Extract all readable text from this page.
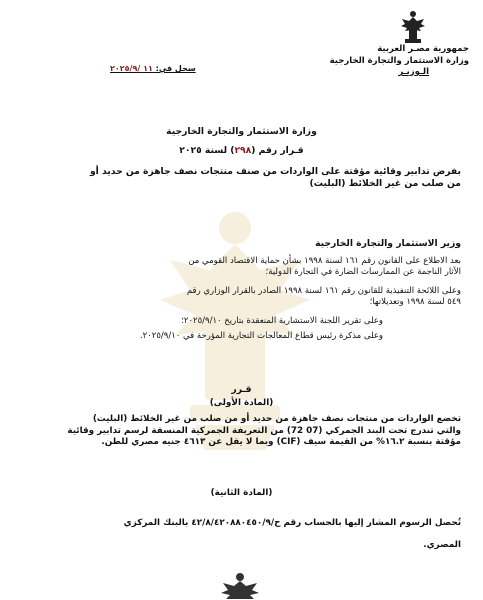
جمهورية مصـر العربية
وزارة الاستثمار والتجارة الخارجية
الـوزيـر
سجل في: ١١ /٢٠٢٥/٩
وزارة الاستثمار والتجارة الخارجية
قـرار رقم (٢٩٨) لسنة ٢٠٢٥
بفرض تدابير وقائية مؤقتة على الواردات من صنف منتجات نصف جاهزة من حديد أو
من صلب من غير الخلائط (البليت)
وزير الاستثمار والتجارة الخارجية
بعد الاطلاع على القانون رقم ١٦١ لسنة ١٩٩٨ بشأن حماية الاقتصاد القومي من
الآثار الناجمة عن الممارسات الضارة في التجارة الدولية؛
وعلى اللائحة التنفيذية للقانون رقم ١٦١ لسنة ١٩٩٨ الصادر بالقرار الوزاري رقم
٥٤٩ لسنة ١٩٩٨ وتعديلاتها؛
وعلى تقرير اللجنة الاستشارية المنعقدة بتاريخ ٢٠٢٥/٩/١٠؛
وعلى مذكرة رئيس قطاع المعالجات التجارية المؤرخة في ٢٠٢٥/٩/١٠.
قـرر
(المادة الأولى)
تخضع الواردات من منتجات نصف جاهزة من حديد أو من صلب من غير الخلائط (البليت)
والتي تندرج تحت البند الجمركي (07 72) من التعريفة الجمركية المنسقة لرسم تدابير وقائية
مؤقتة بنسبة ١٦.٢% من القيمة سيف (CIF) وبما لا يقل عن ٤٦١٣ جنيه مصري للطن.
(المادة الثانية)
تُحصل الرسوم المشار إليها بالحساب رقم ح/٤٢/٨/٤٢٠٨٨٠٤٥٠/٩ بالبنك المركزي
المصري.
